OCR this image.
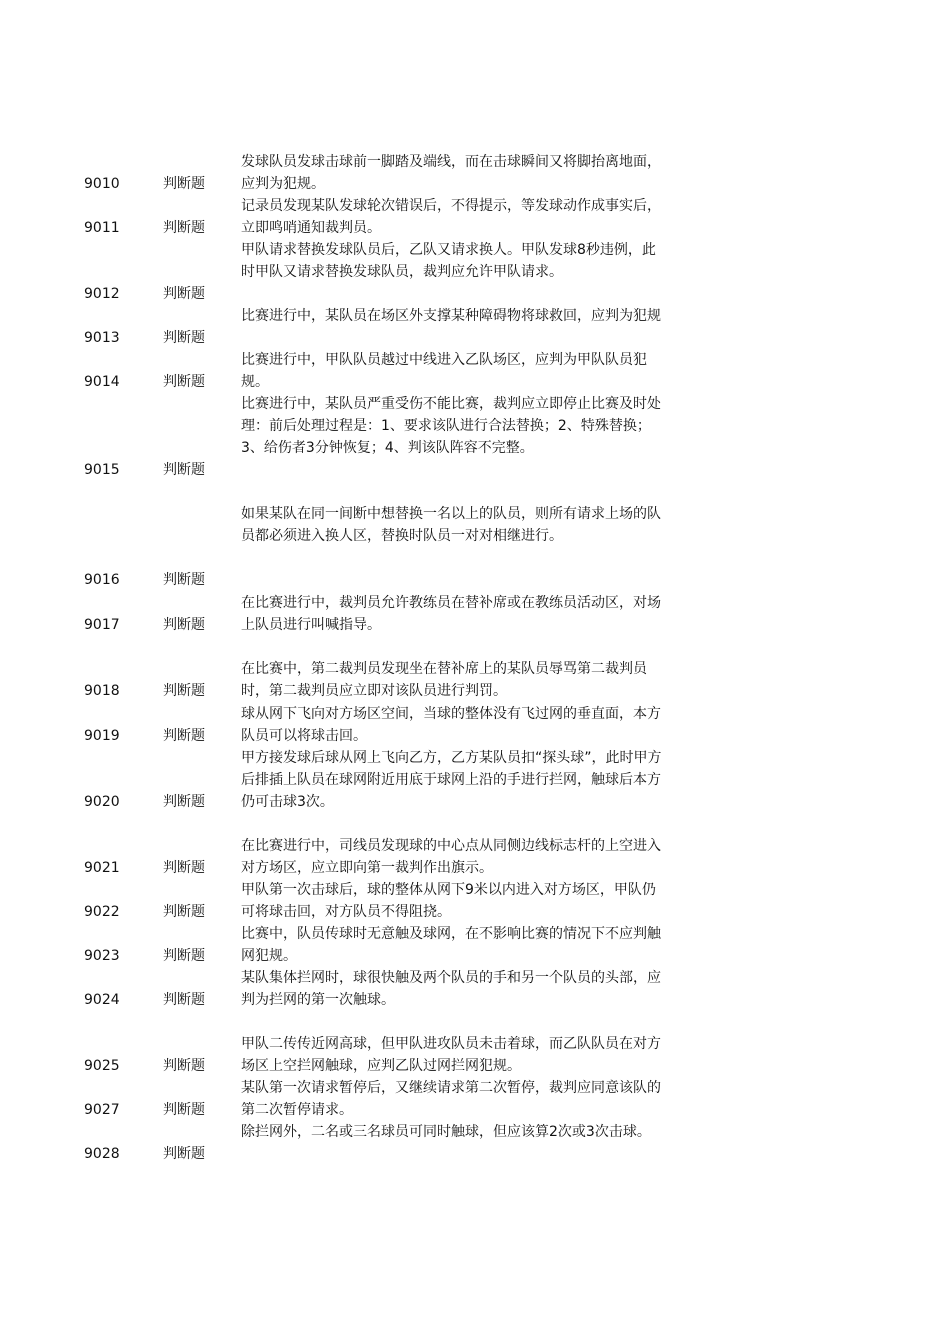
9010	判断题
发球队员发球击球前一脚踏及端线，而在击球瞬间又将脚抬离地面，应判为犯规。
9011	判断题
记录员发现某队发球轮次错误后，不得提示，等发球动作成事实后，立即鸣哨通知裁判员。
9012	判断题
甲队请求替换发球队员后，乙队又请求换人。甲队发球8秒违例，此时甲队又请求替换发球队员，裁判应允许甲队请求。
9013	判断题
比赛进行中，某队员在场区外支撑某种障碍物将球救回，应判为犯规
9014	判断题
比赛进行中，甲队队员越过中线进入乙队场区，应判为甲队队员犯规。
9015	判断题
比赛进行中，某队员严重受伤不能比赛，裁判应立即停止比赛及时处理：前后处理过程是：1、要求该队进行合法替换；2、特殊替换；3、给伤者3分钟恢复；4、判该队阵容不完整。
9016	判断题
如果某队在同一间断中想替换一名以上的队员，则所有请求上场的队员都必须进入换人区，替换时队员一对对相继进行。
9017	判断题
在比赛进行中，裁判员允许教练员在替补席或在教练员活动区，对场上队员进行叫喊指导。
9018	判断题
在比赛中，第二裁判员发现坐在替补席上的某队员辱骂第二裁判员时，第二裁判员应立即对该队员进行判罚。
9019	判断题
球从网下飞向对方场区空间，当球的整体没有飞过网的垂直面，本方队员可以将球击回。
9020	判断题
甲方接发球后球从网上飞向乙方，乙方某队员扣“探头球”，此时甲方后排插上队员在球网附近用底于球网上沿的手进行拦网，触球后本方仍可击球3次。
9021	判断题
在比赛进行中，司线员发现球的中心点从同侧边线标志杆的上空进入对方场区，应立即向第一裁判作出旗示。
9022	判断题
甲队第一次击球后，球的整体从网下9米以内进入对方场区，甲队仍可将球击回，对方队员不得阻挠。
9023	判断题
比赛中，队员传球时无意触及球网，在不影响比赛的情况下不应判触网犯规。
9024	判断题
某队集体拦网时，球很快触及两个队员的手和另一个队员的头部，应判为拦网的第一次触球。
9025	判断题
甲队二传传近网高球，但甲队进攻队员未击着球，而乙队队员在对方场区上空拦网触球，应判乙队过网拦网犯规。
9027	判断题
某队第一次请求暂停后，又继续请求第二次暂停，裁判应同意该队的第二次暂停请求。
9028	判断题
除拦网外，二名或三名球员可同时触球，但应该算2次或3次击球。
